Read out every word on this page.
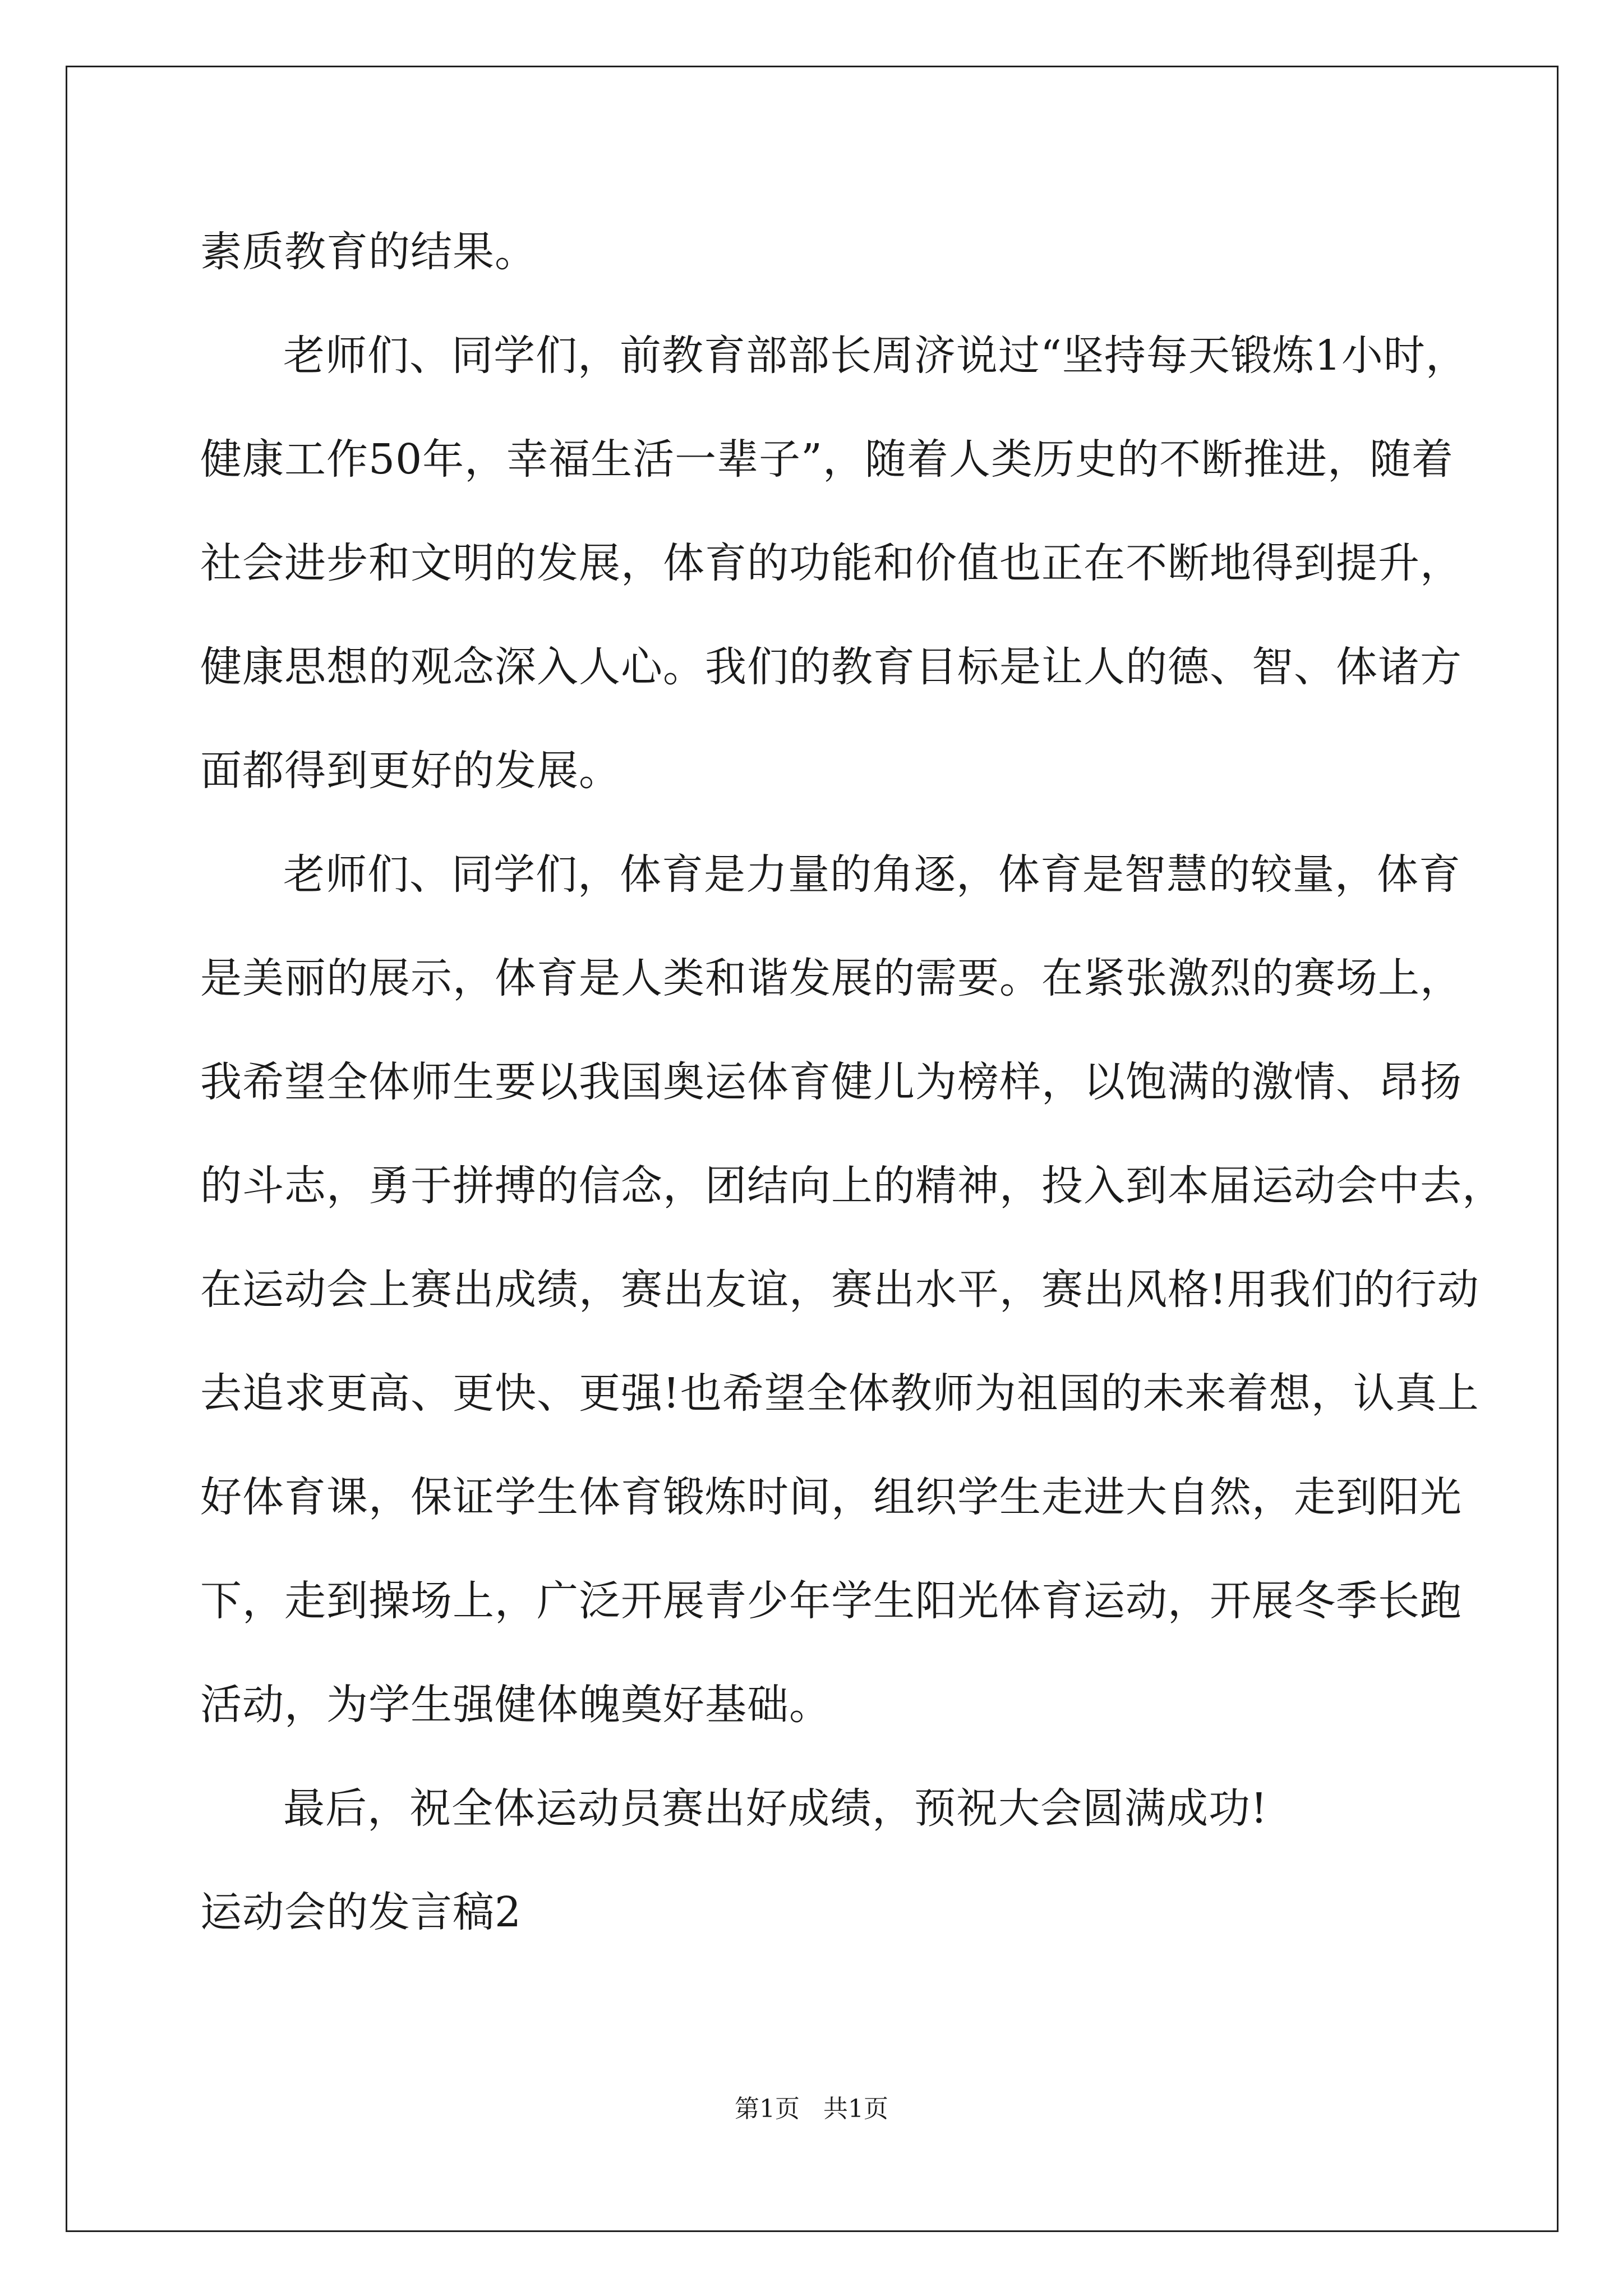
素质教育的结果。
老师们、同学们，前教育部部长周济说过“坚持每天锻炼1小时，
健康工作50年，幸福生活一辈子”，随着人类历史的不断推进，随着
社会进步和文明的发展，体育的功能和价值也正在不断地得到提升，
健康思想的观念深入人心。我们的教育目标是让人的德、智、体诸方
面都得到更好的发展。
老师们、同学们，体育是力量的角逐，体育是智慧的较量，体育
是美丽的展示，体育是人类和谐发展的需要。在紧张激烈的赛场上，
我希望全体师生要以我国奥运体育健儿为榜样，以饱满的激情、昂扬
的斗志，勇于拼搏的信念，团结向上的精神，投入到本届运动会中去，
在运动会上赛出成绩，赛出友谊，赛出水平，赛出风格!用我们的行动
去追求更高、更快、更强!也希望全体教师为祖国的未来着想，认真上
好体育课，保证学生体育锻炼时间，组织学生走进大自然，走到阳光
下，走到操场上，广泛开展青少年学生阳光体育运动，开展冬季长跑
活动，为学生强健体魄奠好基础。
最后，祝全体运动员赛出好成绩，预祝大会圆满成功!
运动会的发言稿2
第1页   共1页
